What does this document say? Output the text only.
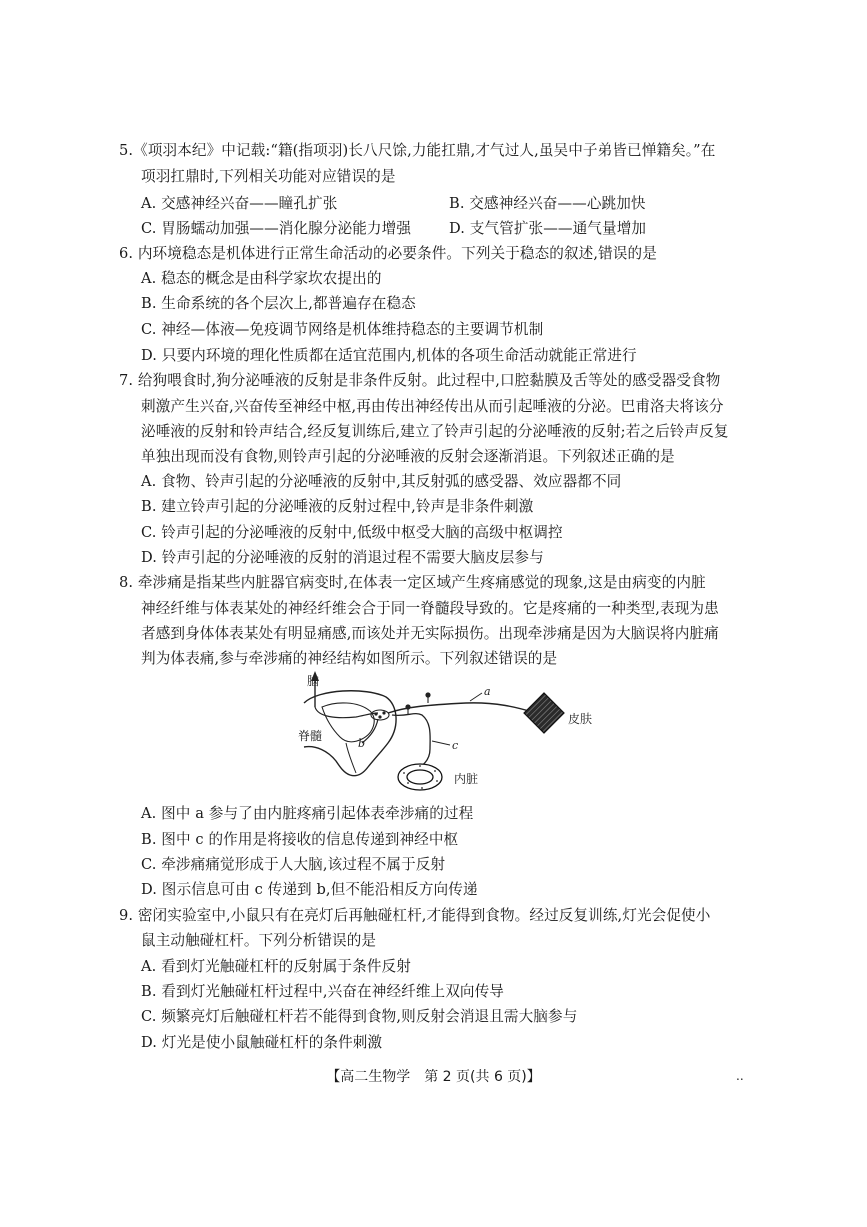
5.《项羽本纪》中记载:“籍(指项羽)长八尺馀,力能扛鼎,才气过人,虽吴中子弟皆已惮籍矣。”在
项羽扛鼎时,下列相关功能对应错误的是
A. 交感神经兴奋——瞳孔扩张	B. 交感神经兴奋——心跳加快
C. 胃肠蠕动加强——消化腺分泌能力增强	D. 支气管扩张——通气量增加
6. 内环境稳态是机体进行正常生命活动的必要条件。下列关于稳态的叙述,错误的是
A. 稳态的概念是由科学家坎农提出的
B. 生命系统的各个层次上,都普遍存在稳态
C. 神经—体液—免疫调节网络是机体维持稳态的主要调节机制
D. 只要内环境的理化性质都在适宜范围内,机体的各项生命活动就能正常进行
7. 给狗喂食时,狗分泌唾液的反射是非条件反射。此过程中,口腔黏膜及舌等处的感受器受食物
刺激产生兴奋,兴奋传至神经中枢,再由传出神经传出从而引起唾液的分泌。巴甫洛夫将该分
泌唾液的反射和铃声结合,经反复训练后,建立了铃声引起的分泌唾液的反射;若之后铃声反复
单独出现而没有食物,则铃声引起的分泌唾液的反射会逐渐消退。下列叙述正确的是
A. 食物、铃声引起的分泌唾液的反射中,其反射弧的感受器、效应器都不同
B. 建立铃声引起的分泌唾液的反射过程中,铃声是非条件刺激
C. 铃声引起的分泌唾液的反射中,低级中枢受大脑的高级中枢调控
D. 铃声引起的分泌唾液的反射的消退过程不需要大脑皮层参与
8. 牵涉痛是指某些内脏器官病变时,在体表一定区域产生疼痛感觉的现象,这是由病变的内脏
神经纤维与体表某处的神经纤维会合于同一脊髓段导致的。它是疼痛的一种类型,表现为患
者感到身体体表某处有明显痛感,而该处并无实际损伤。出现牵涉痛是因为大脑误将内脏痛
判为体表痛,参与牵涉痛的神经结构如图所示。下列叙述错误的是
脑
脊髓
b
a
皮肤
c
内脏
A. 图中 a 参与了由内脏疼痛引起体表牵涉痛的过程
B. 图中 c 的作用是将接收的信息传递到神经中枢
C. 牵涉痛痛觉形成于人大脑,该过程不属于反射
D. 图示信息可由 c 传递到 b,但不能沿相反方向传递
9. 密闭实验室中,小鼠只有在亮灯后再触碰杠杆,才能得到食物。经过反复训练,灯光会促使小
鼠主动触碰杠杆。下列分析错误的是
A. 看到灯光触碰杠杆的反射属于条件反射
B. 看到灯光触碰杠杆过程中,兴奋在神经纤维上双向传导
C. 频繁亮灯后触碰杠杆若不能得到食物,则反射会消退且需大脑参与
D. 灯光是使小鼠触碰杠杆的条件刺激
【高二生物学　第 2 页(共 6 页)】	..
